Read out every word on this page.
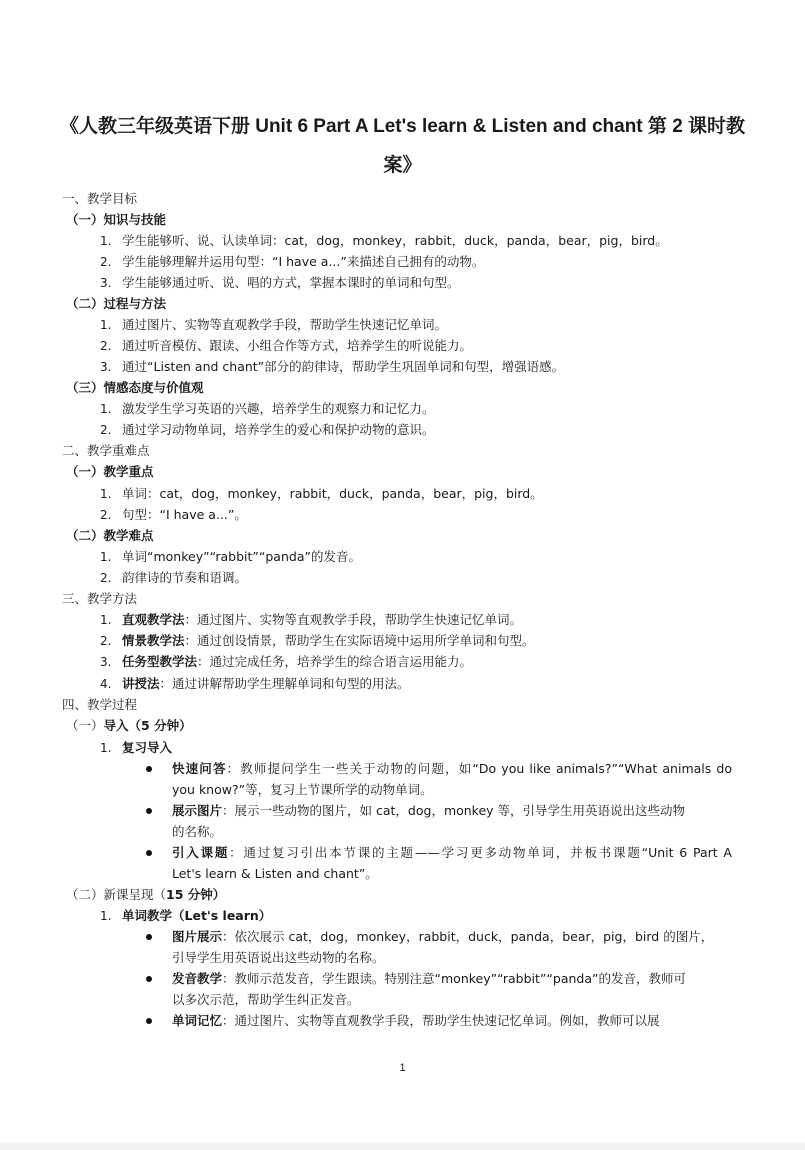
《人教三年级英语下册 Unit 6 Part A Let's learn & Listen and chant 第 2 课时教
案》
一、教学目标
（一）知识与技能
1. 学生能够听、说、认读单词：cat，dog，monkey，rabbit，duck，panda，bear，pig，bird。
2. 学生能够理解并运用句型：“I have a...”来描述自己拥有的动物。
3. 学生能够通过听、说、唱的方式，掌握本课时的单词和句型。
（二）过程与方法
1. 通过图片、实物等直观教学手段，帮助学生快速记忆单词。
2. 通过听音模仿、跟读、小组合作等方式，培养学生的听说能力。
3. 通过“Listen and chant”部分的韵律诗，帮助学生巩固单词和句型，增强语感。
（三）情感态度与价值观
1. 激发学生学习英语的兴趣，培养学生的观察力和记忆力。
2. 通过学习动物单词，培养学生的爱心和保护动物的意识。
二、教学重难点
（一）教学重点
1. 单词：cat，dog，monkey，rabbit，duck，panda，bear，pig，bird。
2. 句型：“I have a...”。
（二）教学难点
1. 单词“monkey”“rabbit”“panda”的发音。
2. 韵律诗的节奏和语调。
三、教学方法
1. 直观教学法：通过图片、实物等直观教学手段，帮助学生快速记忆单词。
2. 情景教学法：通过创设情景，帮助学生在实际语境中运用所学单词和句型。
3. 任务型教学法：通过完成任务，培养学生的综合语言运用能力。
4. 讲授法：通过讲解帮助学生理解单词和句型的用法。
四、教学过程
（一）导入（5 分钟）
1. 复习导入
快速问答：教师提问学生一些关于动物的问题，如“Do you like animals?”“What animals do
you know?”等，复习上节课所学的动物单词。
展示图片：展示一些动物的图片，如 cat，dog，monkey 等，引导学生用英语说出这些动物
的名称。
引入课题：通过复习引出本节课的主题——学习更多动物单词，并板书课题“Unit 6 Part A
Let's learn & Listen and chant”。
（二）新课呈现（15 分钟）
1. 单词教学（Let's learn）
图片展示：依次展示 cat，dog，monkey，rabbit，duck，panda，bear，pig，bird 的图片，
引导学生用英语说出这些动物的名称。
发音教学：教师示范发音，学生跟读。特别注意“monkey”“rabbit”“panda”的发音，教师可
以多次示范，帮助学生纠正发音。
单词记忆：通过图片、实物等直观教学手段，帮助学生快速记忆单词。例如，教师可以展
1
